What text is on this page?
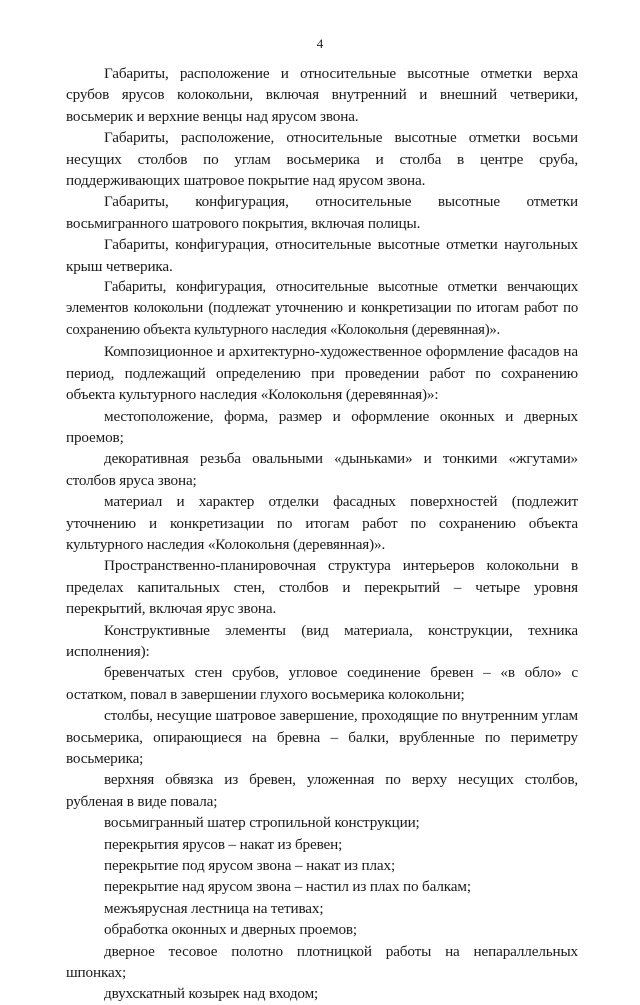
4

Габариты, расположение и относительные высотные отметки верха срубов ярусов колокольни, включая внутренний и внешний четверики, восьмерик и верхние венцы над ярусом звона.

Габариты, расположение, относительные высотные отметки восьми несущих столбов по углам восьмерика и столба в центре сруба, поддерживающих шатровое покрытие над ярусом звона.

Габариты, конфигурация, относительные высотные отметки восьмигранного шатрового покрытия, включая полицы.

Габариты, конфигурация, относительные высотные отметки наугольных крыш четверика.

Габариты, конфигурация, относительные высотные отметки венчающих элементов колокольни (подлежат уточнению и конкретизации по итогам работ по сохранению объекта культурного наследия «Колокольня (деревянная)».

Композиционное и архитектурно-художественное оформление фасадов на период, подлежащий определению при проведении работ по сохранению объекта культурного наследия «Колокольня (деревянная)»:

местоположение, форма, размер и оформление оконных и дверных проемов;

декоративная резьба овальными «дыньками» и тонкими «жгутами» столбов яруса звона;

материал и характер отделки фасадных поверхностей (подлежит уточнению и конкретизации по итогам работ по сохранению объекта культурного наследия «Колокольня (деревянная)».

Пространственно-планировочная структура интерьеров колокольни в пределах капитальных стен, столбов и перекрытий – четыре уровня перекрытий, включая ярус звона.

Конструктивные элементы (вид материала, конструкции, техника исполнения):

бревенчатых стен срубов, угловое соединение бревен – «в обло» с остатком, повал в завершении глухого восьмерика колокольни;

столбы, несущие шатровое завершение, проходящие по внутренним углам восьмерика, опирающиеся на бревна – балки, врубленные по периметру восьмерика;

верхняя обвязка из бревен, уложенная по верху несущих столбов, рубленая в виде повала;

восьмигранный шатер стропильной конструкции;

перекрытия ярусов – накат из бревен;

перекрытие под ярусом звона – накат из плах;

перекрытие над ярусом звона – настил из плах по балкам;

межъярусная лестница на тетивах;

обработка оконных и дверных проемов;

дверное тесовое полотно плотницкой работы на непараллельных шпонках;

двухскатный козырек над входом;
